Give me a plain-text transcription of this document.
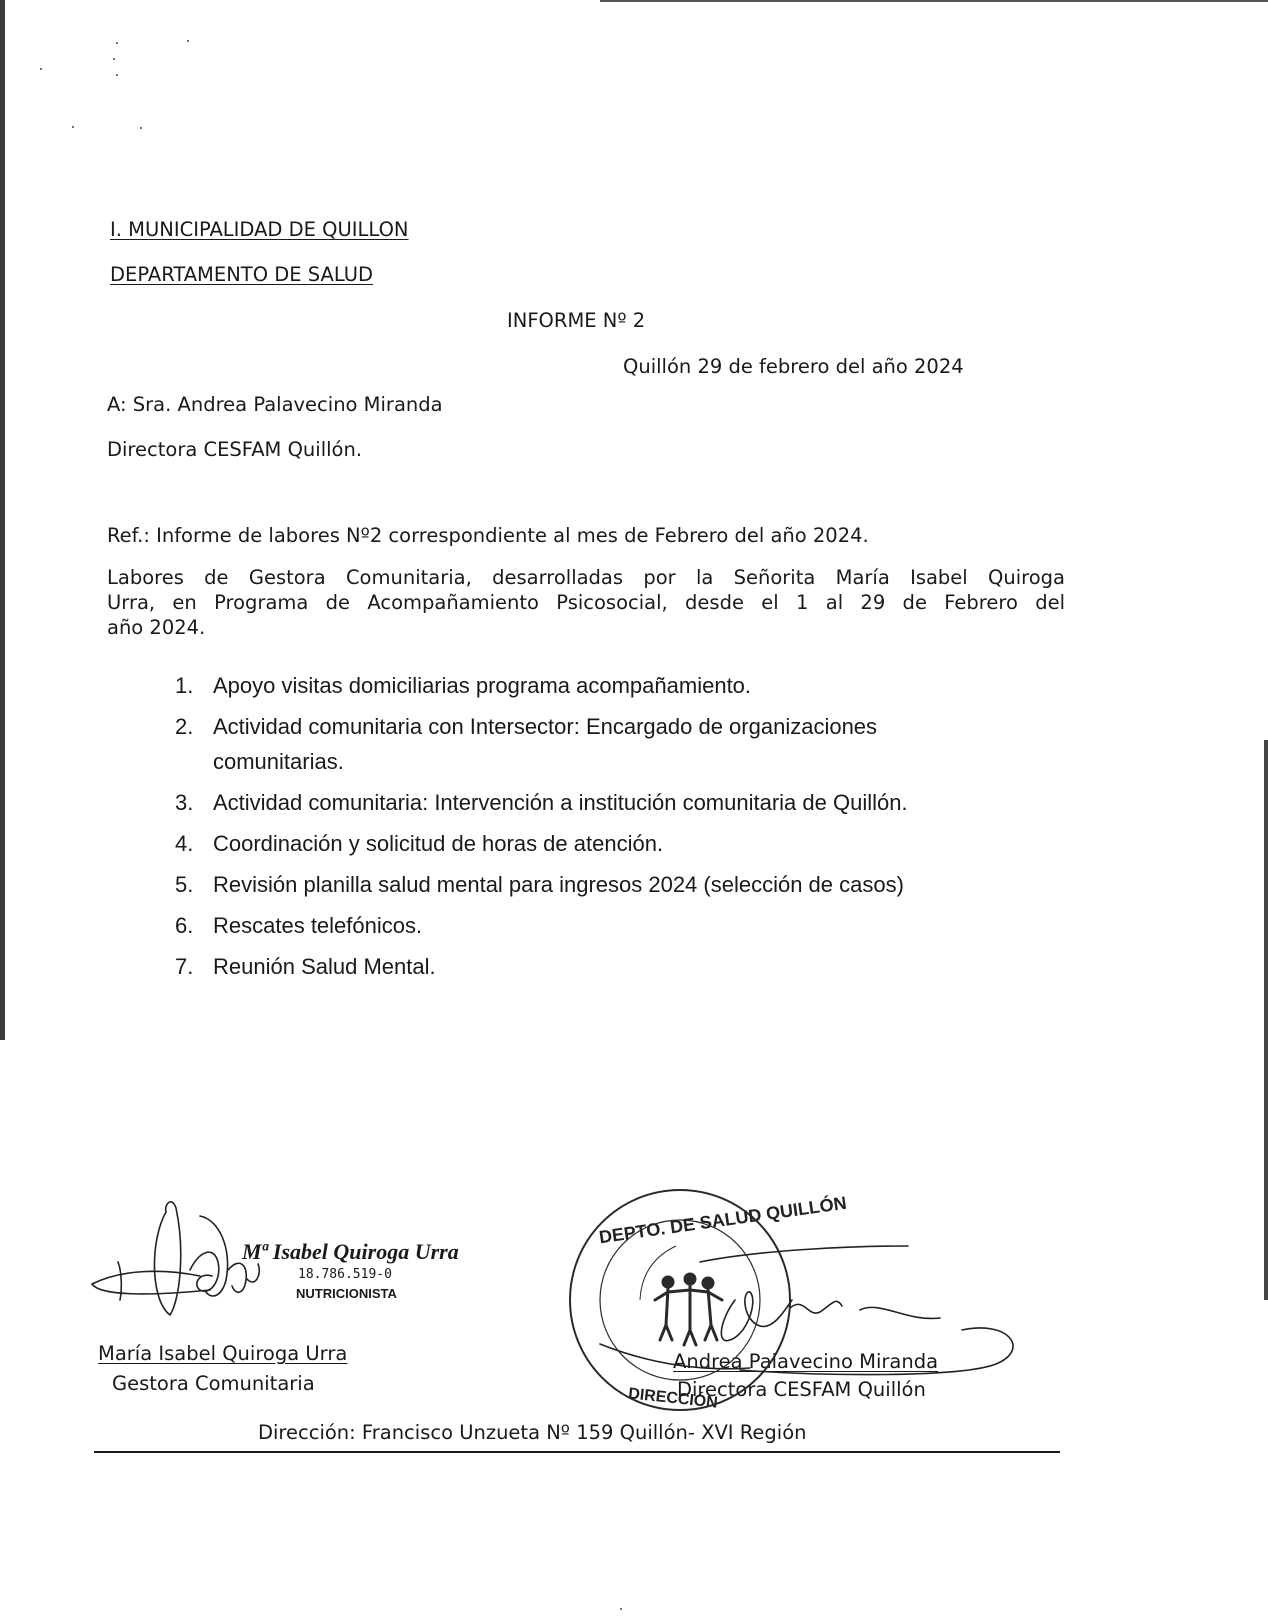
I. MUNICIPALIDAD DE QUILLON
DEPARTAMENTO DE SALUD
INFORME Nº 2
Quillón 29 de febrero del año 2024
A: Sra. Andrea Palavecino Miranda
Directora CESFAM Quillón.
Ref.: Informe de labores Nº2 correspondiente al mes de Febrero del año 2024.
Labores de Gestora Comunitaria, desarrolladas por la Señorita María Isabel Quiroga
Urra, en Programa de Acompañamiento Psicosocial, desde el 1 al 29 de Febrero del
año 2024.
1. Apoyo visitas domiciliarias programa acompañamiento.
2. Actividad comunitaria con Intersector: Encargado de organizaciones
comunitarias.
3. Actividad comunitaria: Intervención a institución comunitaria de Quillón.
4. Coordinación y solicitud de horas de atención.
5. Revisión planilla salud mental para ingresos 2024 (selección de casos)
6. Rescates telefónicos.
7. Reunión Salud Mental.
Mª Isabel Quiroga Urra
18.786.519-0
NUTRICIONISTA
María Isabel Quiroga Urra
Gestora Comunitaria
DEPTO. DE SALUD QUILLÓN
DIRECCIÓN
Andrea Palavecino Miranda
Directora CESFAM Quillón
Dirección: Francisco Unzueta Nº 159 Quillón- XVI Región
